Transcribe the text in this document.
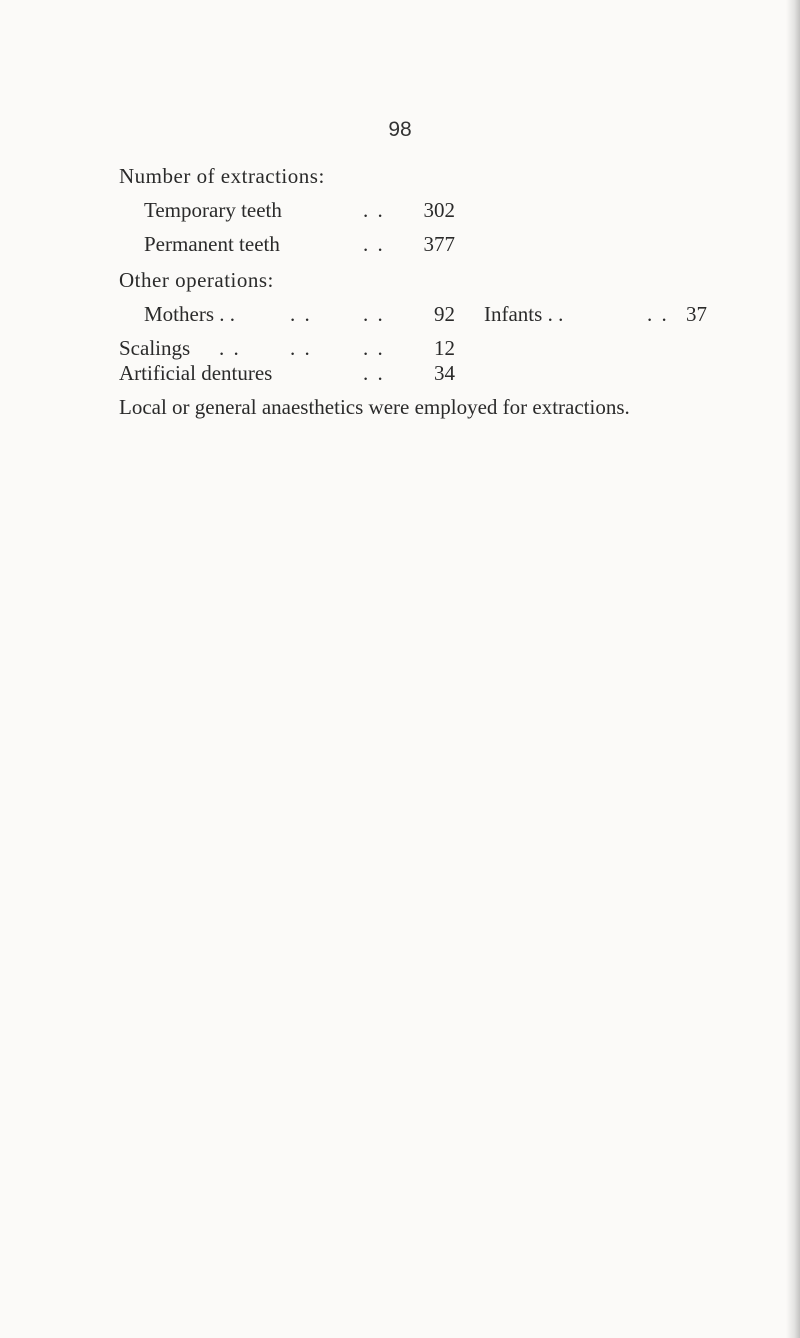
98
Number of extractions:
Temporary teeth	. .	302
Permanent teeth	. .	377
Other operations:
Mothers . .	. . . .	92 Infants . .	. . 37
Scalings . . . . . .	12
Artificial dentures	. .	34
Local or general anaesthetics were employed for extractions.
